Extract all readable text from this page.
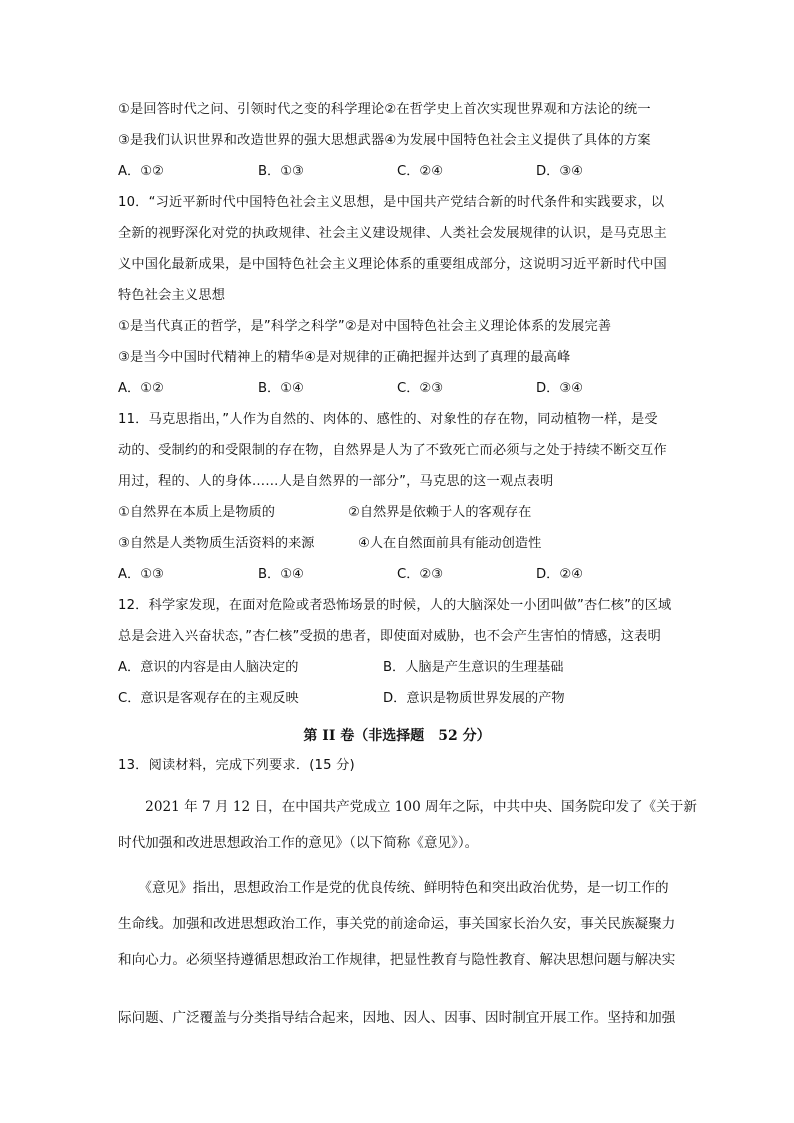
①是回答时代之问、引领时代之变的科学理论②在哲学史上首次实现世界观和方法论的统一
③是我们认识世界和改造世界的强大思想武器④为发展中国特色社会主义提供了具体的方案
A．①②	B．①③	C．②④	D．③④
10．“习近平新时代中国特色社会主义思想，是中国共产党结合新的时代条件和实践要求，以
全新的视野深化对党的执政规律、社会主义建设规律、人类社会发展规律的认识，是马克思主
义中国化最新成果，是中国特色社会主义理论体系的重要组成部分，这说明习近平新时代中国
特色社会主义思想
①是当代真正的哲学，是”科学之科学”②是对中国特色社会主义理论体系的发展完善
③是当今中国时代精神上的精华④是对规律的正确把握并达到了真理的最高峰
A．①②	B．①④	C．②③	D．③④
11．马克思指出，”人作为自然的、肉体的、感性的、对象性的存在物，同动植物一样，是受
动的、受制约的和受限制的存在物，自然界是人为了不致死亡而必须与之处于持续不断交互作
用过，程的、人的身体……人是自然界的一部分”，马克思的这一观点表明
①自然界在本质上是物质的	②自然界是依赖于人的客观存在
③自然是人类物质生活资料的来源	④人在自然面前具有能动创造性
A．①③	B．①④	C．②③	D．②④
12．科学家发现，在面对危险或者恐怖场景的时候，人的大脑深处一小团叫做”杏仁核”的区域
总是会进入兴奋状态，”杏仁核”受损的患者，即使面对威胁，也不会产生害怕的情感，这表明
A．意识的内容是由人脑决定的	B．人脑是产生意识的生理基础
C．意识是客观存在的主观反映	D．意识是物质世界发展的产物
第 II 卷（非选择题　52 分）
13．阅读材料，完成下列要求．(15 分)
　　2021 年 7 月 12 日，在中国共产党成立 100 周年之际，中共中央、国务院印发了《关于新
时代加强和改进思想政治工作的意见》（以下简称《意见》）。
　　《意见》指出，思想政治工作是党的优良传统、鲜明特色和突出政治优势，是一切工作的
生命线。加强和改进思想政治工作，事关党的前途命运，事关国家长治久安，事关民族凝聚力
和向心力。必须坚持遵循思想政治工作规律，把显性教育与隐性教育、解决思想问题与解决实
际问题、广泛覆盖与分类指导结合起来，因地、因人、因事、因时制宜开展工作。坚持和加强
